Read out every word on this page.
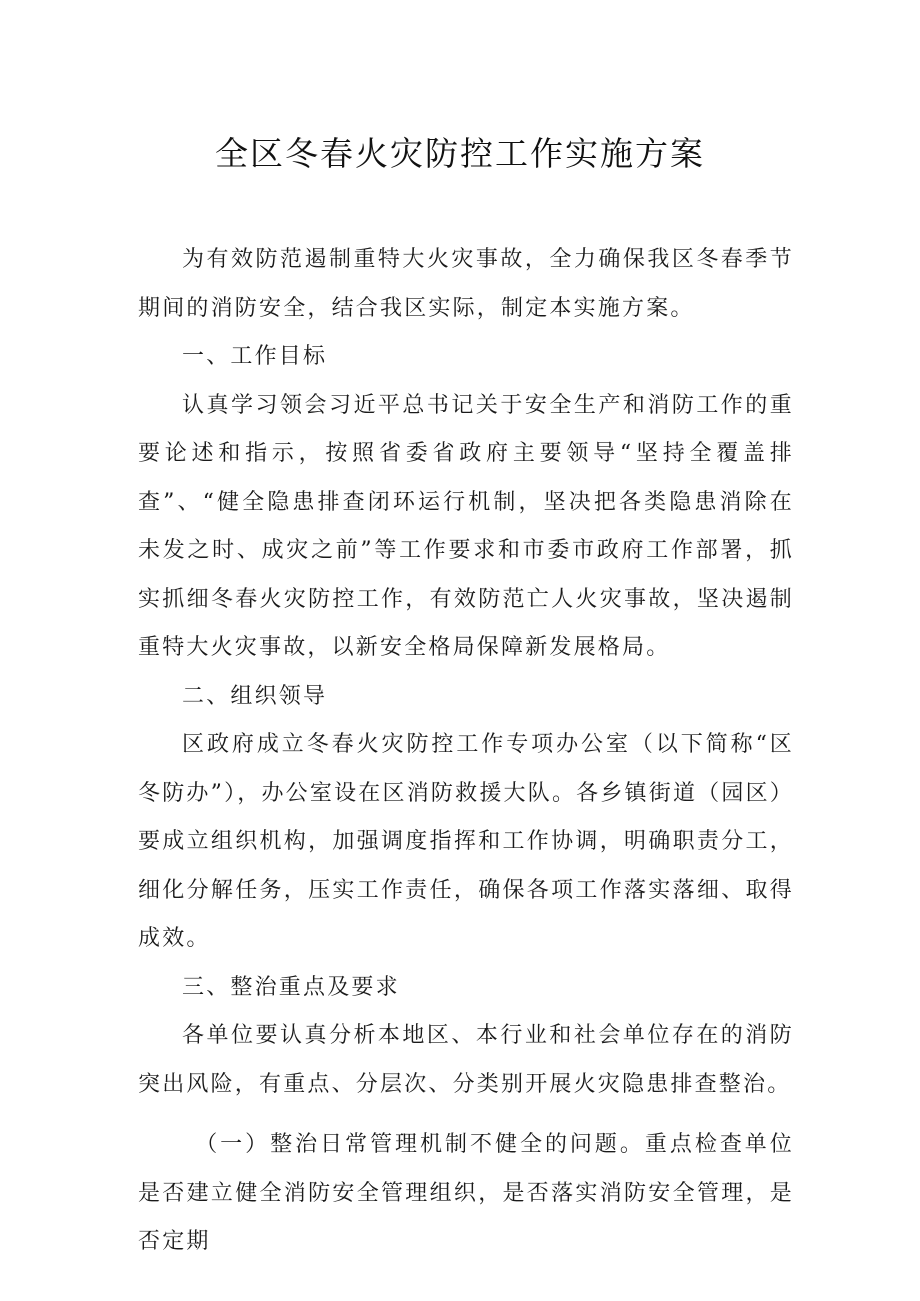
全区冬春火灾防控工作实施方案

为有效防范遏制重特大火灾事故，全力确保我区冬春季节期间的消防安全，结合我区实际，制定本实施方案。

一、工作目标

认真学习领会习近平总书记关于安全生产和消防工作的重要论述和指示，按照省委省政府主要领导“坚持全覆盖排查”、“健全隐患排查闭环运行机制，坚决把各类隐患消除在未发之时、成灾之前”等工作要求和市委市政府工作部署，抓实抓细冬春火灾防控工作，有效防范亡人火灾事故，坚决遏制重特大火灾事故，以新安全格局保障新发展格局。

二、组织领导

区政府成立冬春火灾防控工作专项办公室（以下简称“区冬防办”），办公室设在区消防救援大队。各乡镇街道（园区）要成立组织机构，加强调度指挥和工作协调，明确职责分工，细化分解任务，压实工作责任，确保各项工作落实落细、取得成效。

三、整治重点及要求

各单位要认真分析本地区、本行业和社会单位存在的消防突出风险，有重点、分层次、分类别开展火灾隐患排查整治。

（一）整治日常管理机制不健全的问题。重点检查单位是否建立健全消防安全管理组织，是否落实消防安全管理，是否定期
